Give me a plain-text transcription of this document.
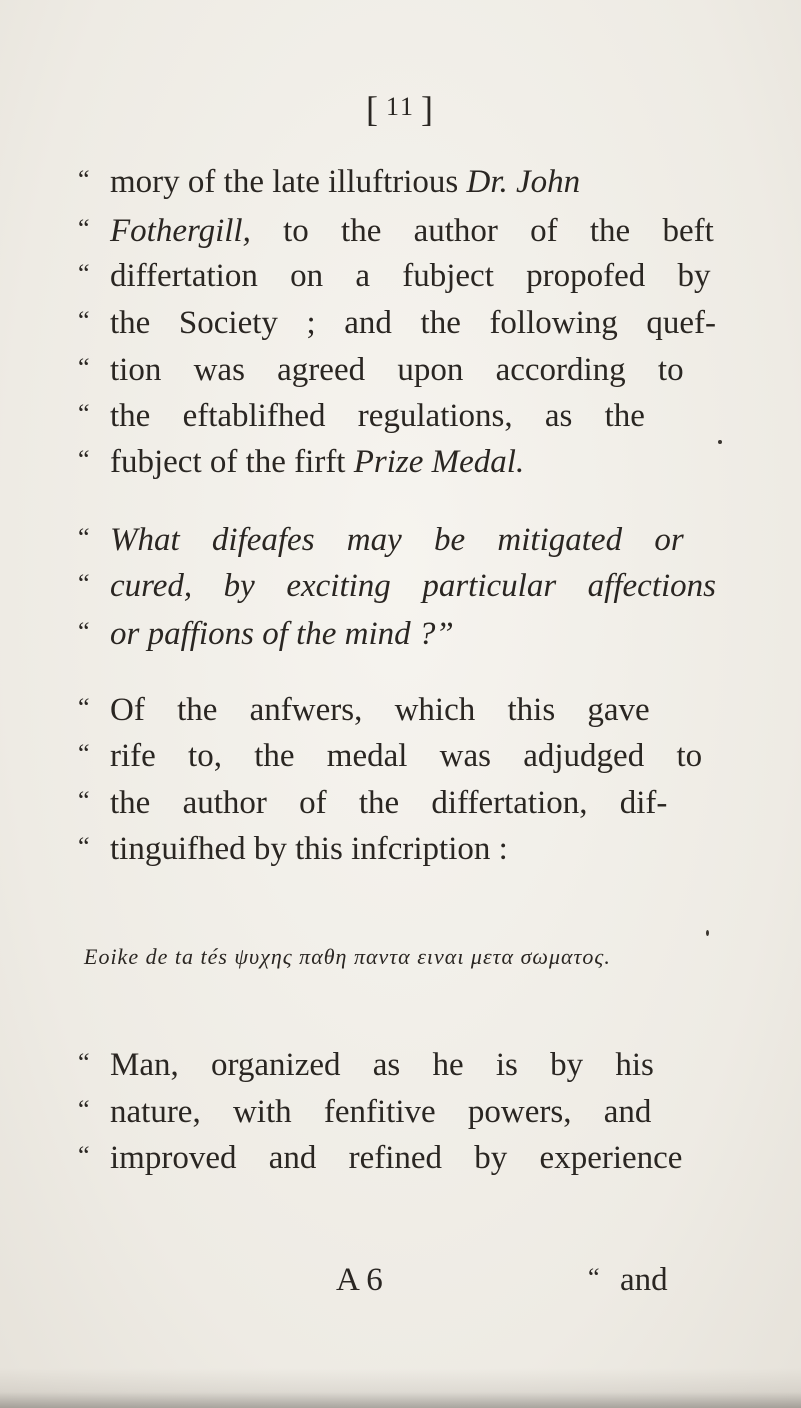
[ 11 ]
“ mory of the late illuftrious Dr. John
“ Fothergill, to the author of the beft
“ differtation on a fubject propofed by
“ the Society ; and the following quef-
“ tion was agreed upon according to
“ the eftablifhed regulations, as the
“ fubject of the firft Prize Medal.
“ What difeafes may be mitigated or
“ cured, by exciting particular affections
“ or paffions of the mind ?”
“ Of the anfwers, which this gave
“ rife to, the medal was adjudged to
“ the author of the differtation, dif-
“ tinguifhed by this infcription :
“ Man, organized as he is by his
“ nature, with fenfitive powers, and
“ improved and refined by experience
Eoike de ta tés ψυχης παθη παντα ειναι μετα σωματος.
A 6	“ and
